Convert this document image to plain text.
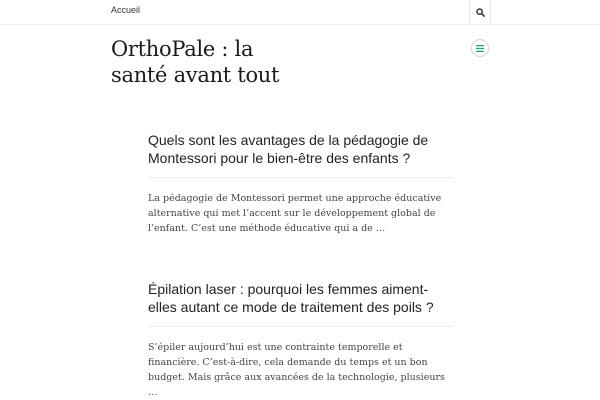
Accueil
OrthoPale : la santé avant tout
Quels sont les avantages de la pédagogie de Montessori pour le bien-être des enfants ?

La pédagogie de Montessori permet une approche éducative alternative qui met l’accent sur le développement global de l’enfant. C’est une méthode éducative qui a de …

Épilation laser : pourquoi les femmes aiment-elles autant ce mode de traitement des poils ?

S’épiler aujourd’hui est une contrainte temporelle et financière. C’est-à-dire, cela demande du temps et un bon budget. Mais grâce aux avancées de la technologie, plusieurs …
